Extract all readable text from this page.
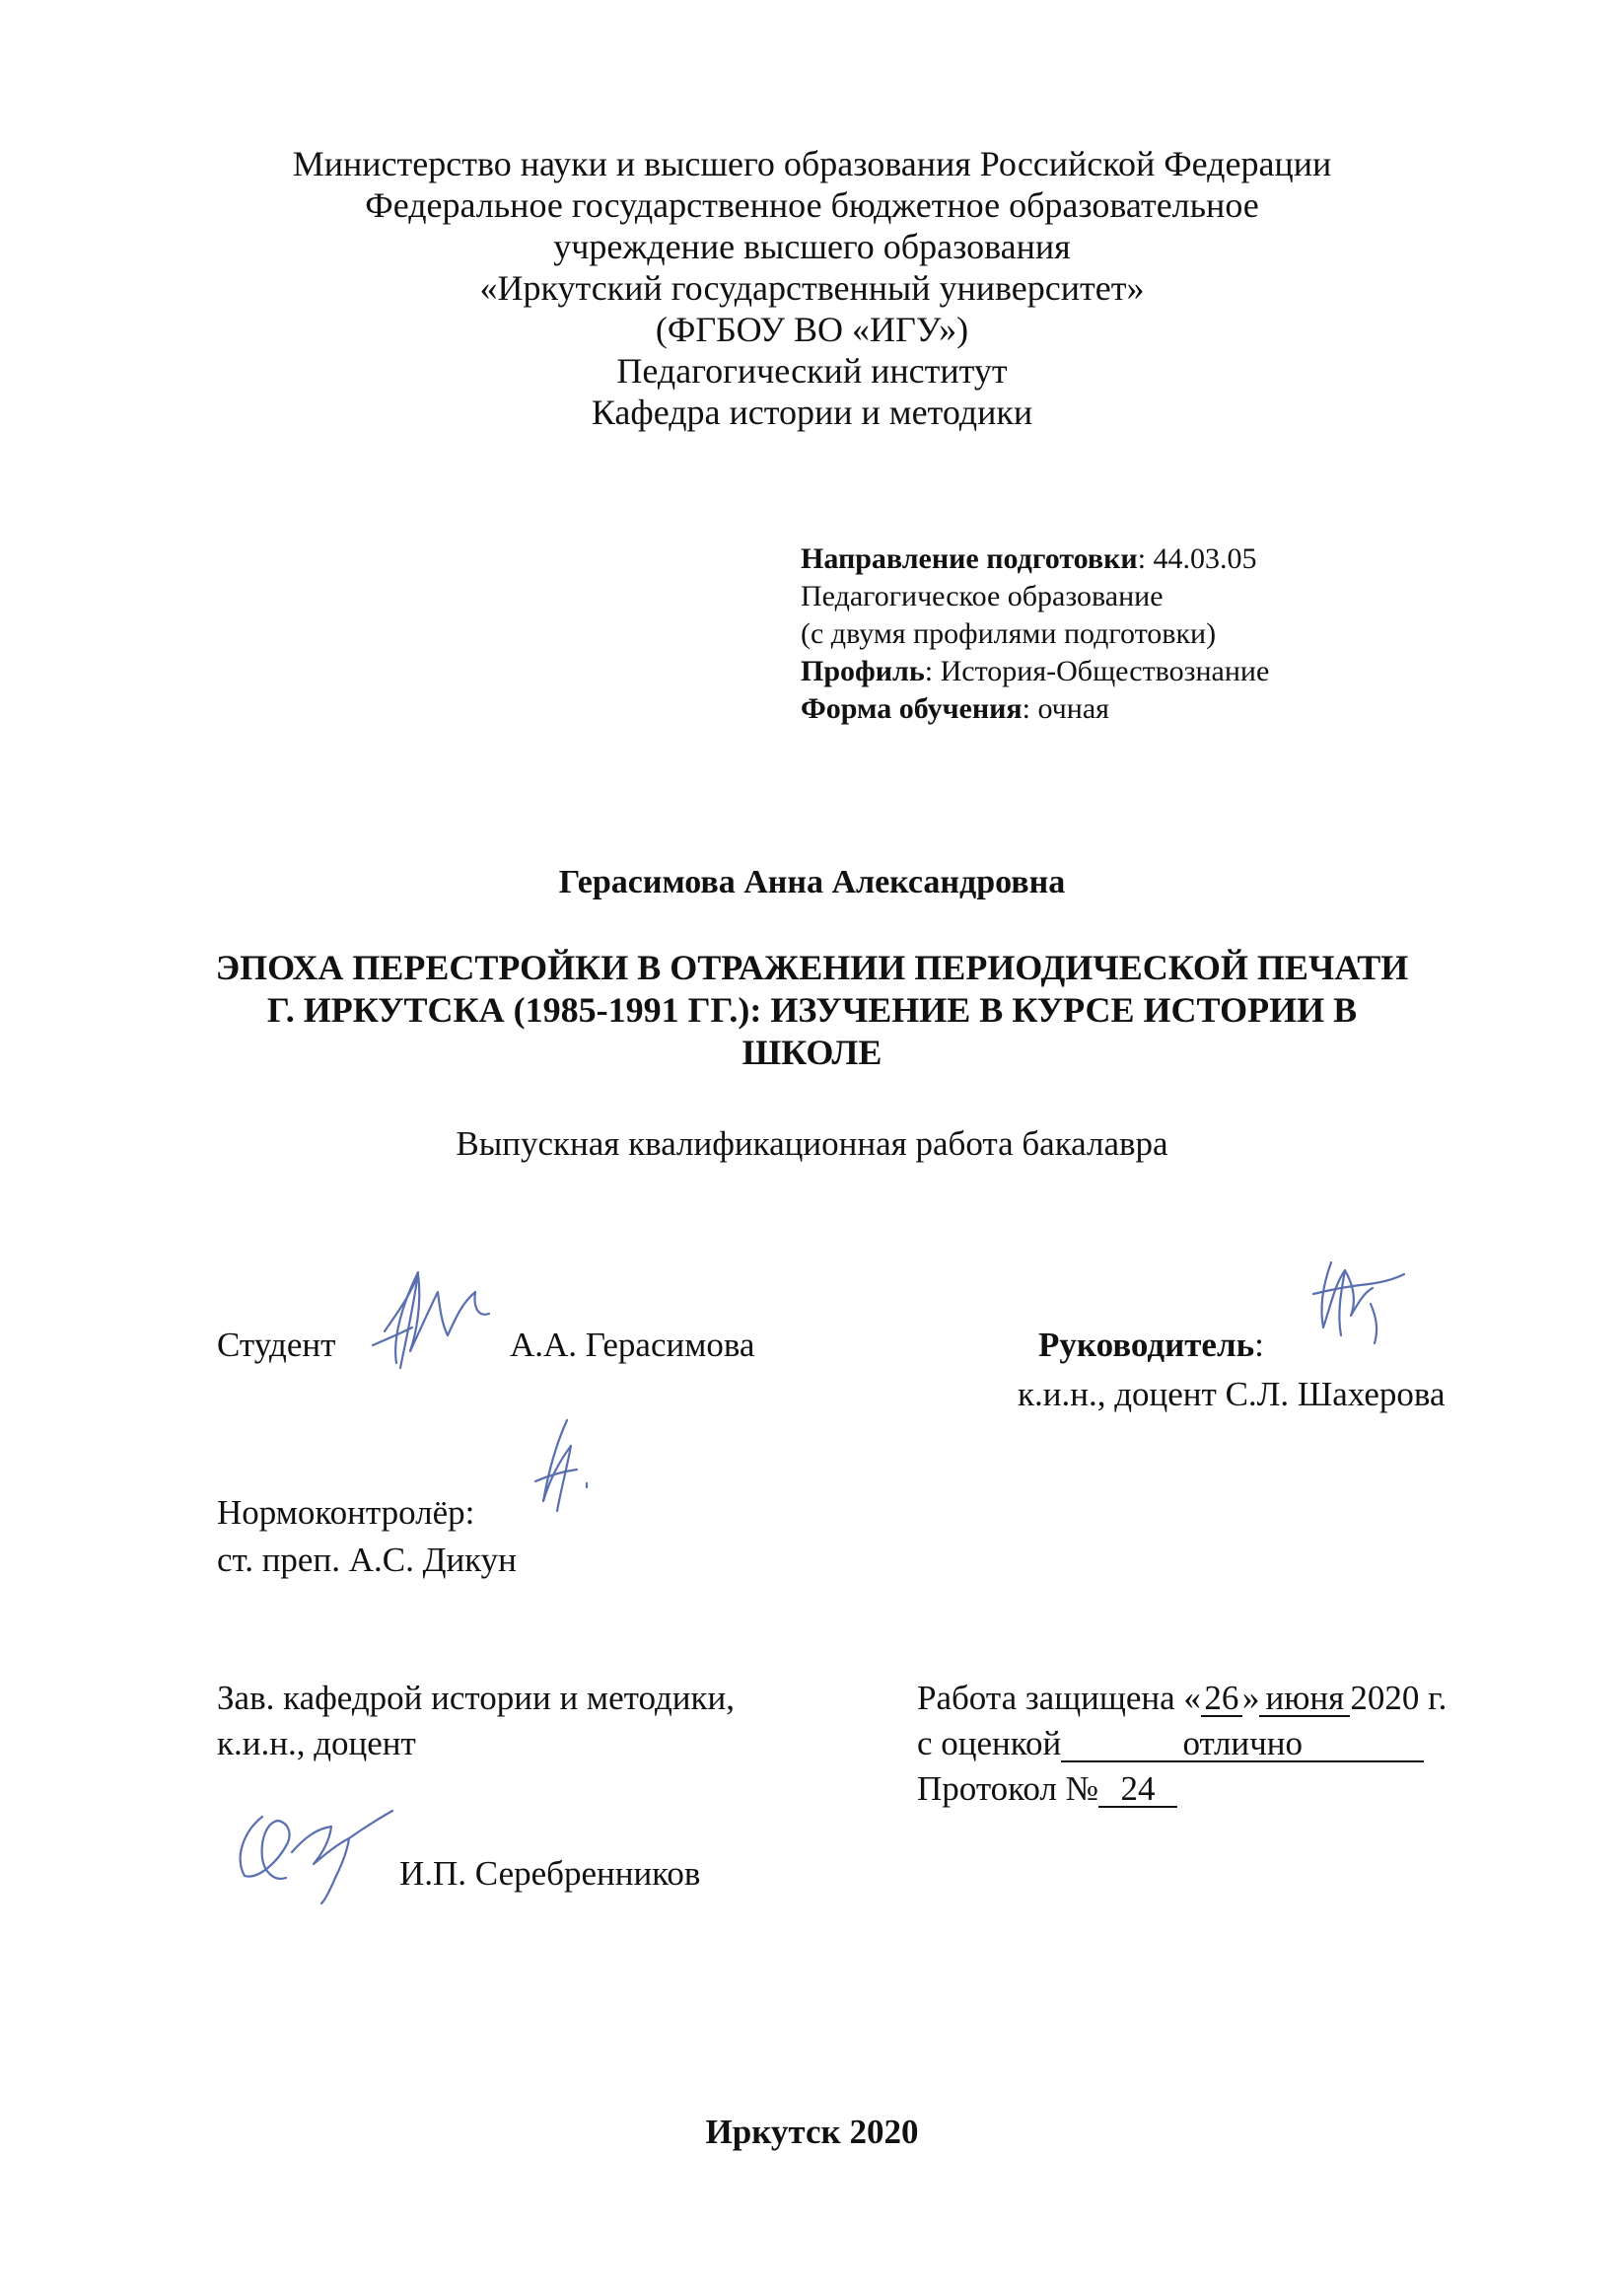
Министерство науки и высшего образования Российской Федерации
Федеральное государственное бюджетное образовательное
учреждение высшего образования
«Иркутский государственный университет»
(ФГБОУ ВО «ИГУ»)
Педагогический институт
Кафедра истории и методики
Направление подготовки: 44.03.05
Педагогическое образование
(с двумя профилями подготовки)
Профиль: История-Обществознание
Форма обучения: очная
Герасимова Анна Александровна
ЭПОХА ПЕРЕСТРОЙКИ В ОТРАЖЕНИИ ПЕРИОДИЧЕСКОЙ ПЕЧАТИ
Г. ИРКУТСКА (1985-1991 ГГ.): ИЗУЧЕНИЕ В КУРСЕ ИСТОРИИ В
ШКОЛЕ
Выпускная квалификационная работа бакалавра
Студент	А.А. Герасимова	Руководитель:
к.и.н., доцент С.Л. Шахерова
Нормоконтролёр:
ст. преп. А.С. Дикун
Зав. кафедрой истории и методики,
к.и.н., доцент
И.П. Серебренников
Работа защищена « 26 » июня 2020 г.
с оценкой	отлично
Протокол № 24
Иркутск 2020
